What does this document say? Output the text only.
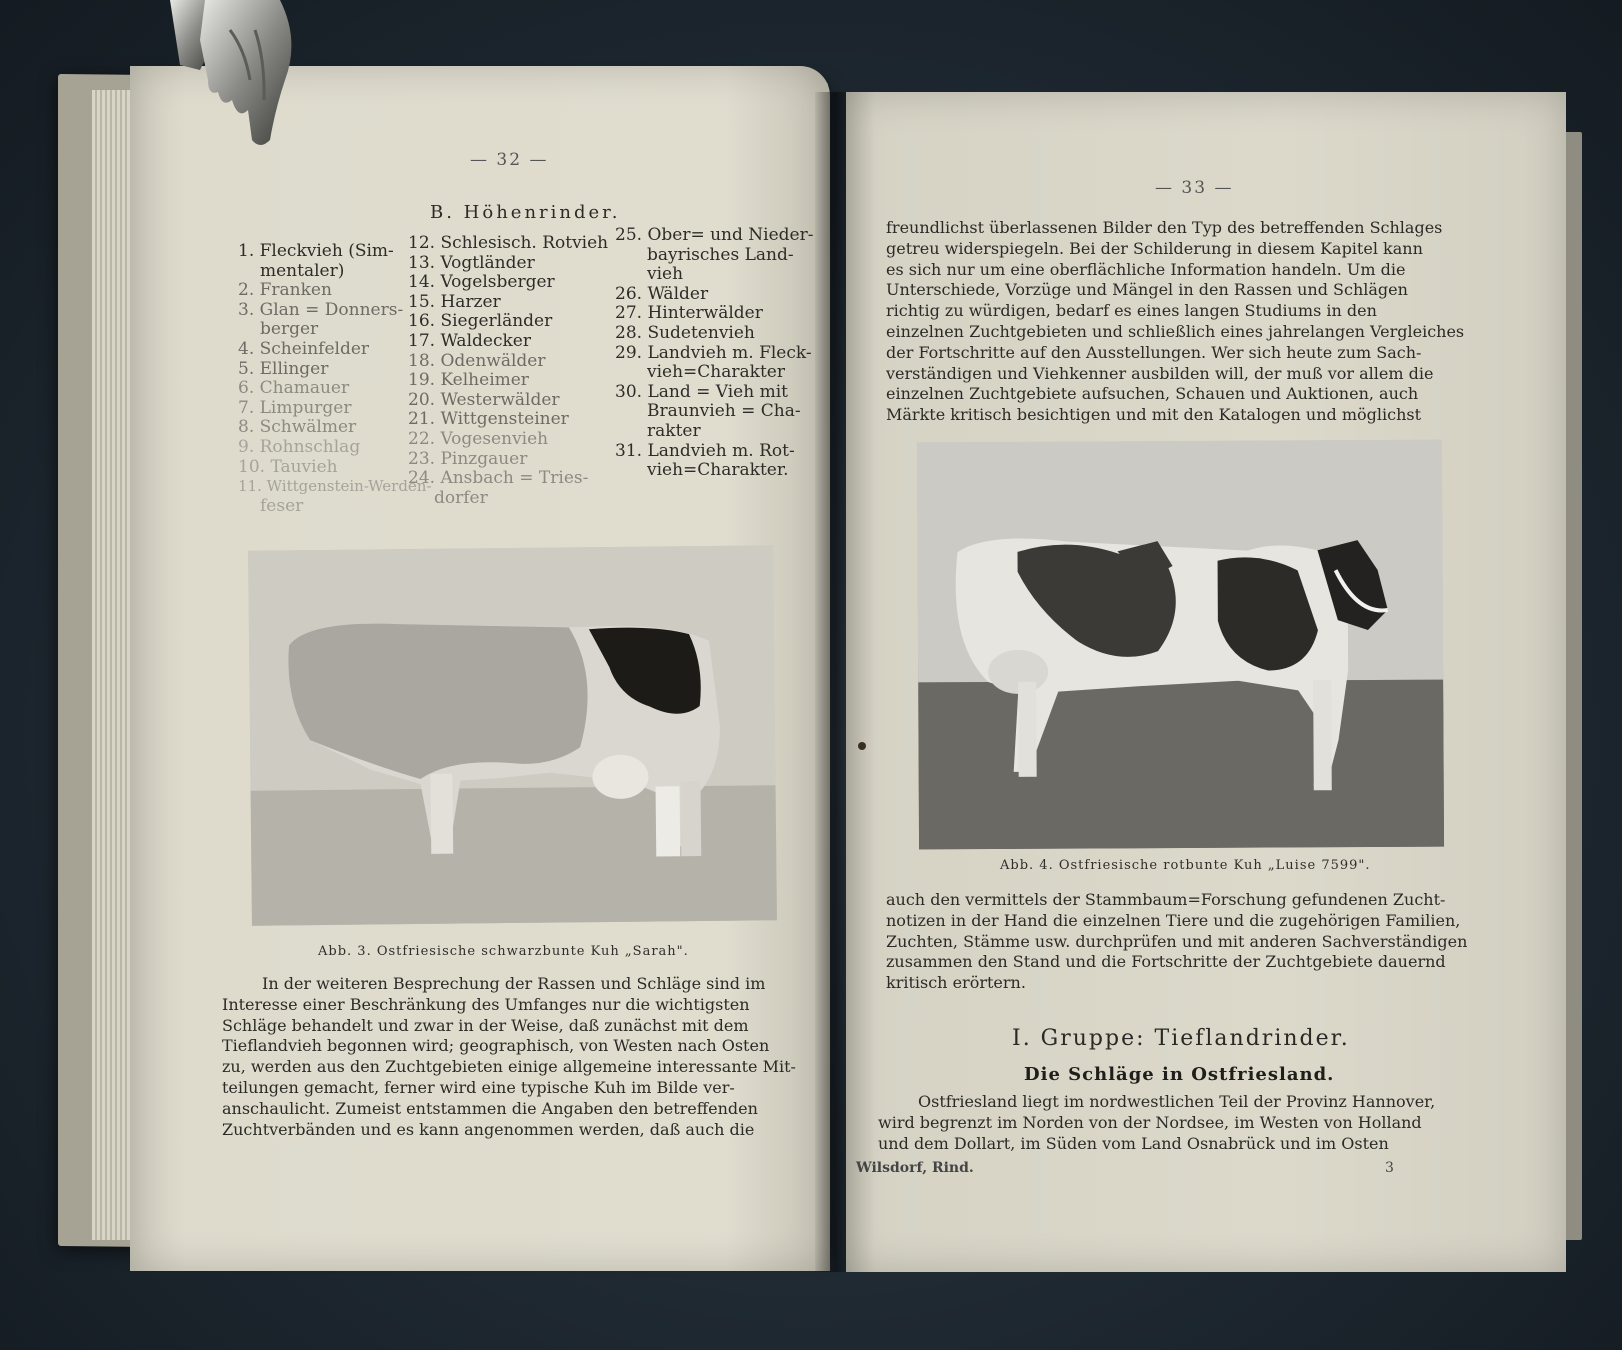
— 32 —
B. Höhenrinder.
1. Fleckvieh (Sim-
mentaler)
2. Franken
3. Glan = Donners-
berger
4. Scheinfelder
5. Ellinger
6. Chamauer
7. Limpurger
8. Schwälmer
9. Rohnschlag
10. Tauvieh
11. Wittgenstein-Werden-
feser
12. Schlesisch. Rotvieh
13. Vogtländer
14. Vogelsberger
15. Harzer
16. Siegerländer
17. Waldecker
18. Odenwälder
19. Kelheimer
20. Westerwälder
21. Wittgensteiner
22. Vogesenvieh
23. Pinzgauer
24. Ansbach = Tries-
dorfer
25. Ober= und Nieder-
bayrisches Land-
vieh
26. Wälder
27. Hinterwälder
28. Sudetenvieh
29. Landvieh m. Fleck-
vieh=Charakter
30. Land = Vieh mit
Braunvieh = Cha-
rakter
31. Landvieh m. Rot-
vieh=Charakter.
Abb. 3. Ostfriesische schwarzbunte Kuh „Sarah".
In der weiteren Besprechung der Rassen und Schläge sind im
Interesse einer Beschränkung des Umfanges nur die wichtigsten
Schläge behandelt und zwar in der Weise, daß zunächst mit dem
Tieflandvieh begonnen wird; geographisch, von Westen nach Osten
zu, werden aus den Zuchtgebieten einige allgemeine interessante Mit-
teilungen gemacht, ferner wird eine typische Kuh im Bilde ver-
anschaulicht. Zumeist entstammen die Angaben den betreffenden
Zuchtverbänden und es kann angenommen werden, daß auch die
— 33 —
freundlichst überlassenen Bilder den Typ des betreffenden Schlages
getreu widerspiegeln. Bei der Schilderung in diesem Kapitel kann
es sich nur um eine oberflächliche Information handeln. Um die
Unterschiede, Vorzüge und Mängel in den Rassen und Schlägen
richtig zu würdigen, bedarf es eines langen Studiums in den
einzelnen Zuchtgebieten und schließlich eines jahrelangen Vergleiches
der Fortschritte auf den Ausstellungen. Wer sich heute zum Sach-
verständigen und Viehkenner ausbilden will, der muß vor allem die
einzelnen Zuchtgebiete aufsuchen, Schauen und Auktionen, auch
Märkte kritisch besichtigen und mit den Katalogen und möglichst
Abb. 4. Ostfriesische rotbunte Kuh „Luise 7599".
auch den vermittels der Stammbaum=Forschung gefundenen Zucht-
notizen in der Hand die einzelnen Tiere und die zugehörigen Familien,
Zuchten, Stämme usw. durchprüfen und mit anderen Sachverständigen
zusammen den Stand und die Fortschritte der Zuchtgebiete dauernd
kritisch erörtern.
I. Gruppe: Tieflandrinder.
Die Schläge in Ostfriesland.
Ostfriesland liegt im nordwestlichen Teil der Provinz Hannover,
wird begrenzt im Norden von der Nordsee, im Westen von Holland
und dem Dollart, im Süden vom Land Osnabrück und im Osten
Wilsdorf, Rind.	3
